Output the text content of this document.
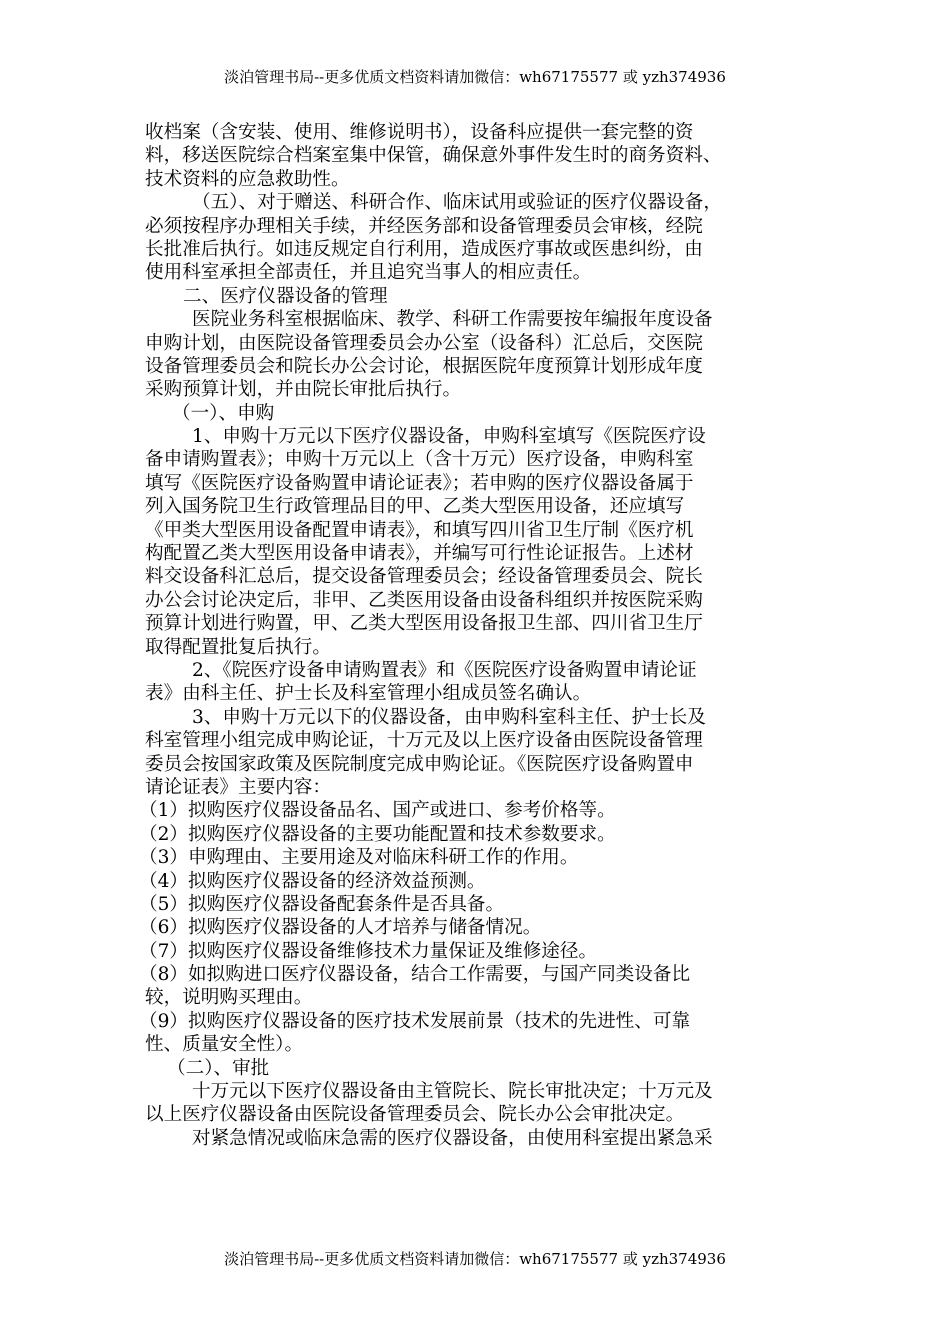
淡泊管理书局--更多优质文档资料请加微信：wh67175577 或 yzh374936
收档案（含安装、使用、维修说明书），设备科应提供一套完整的资
料，移送医院综合档案室集中保管，确保意外事件发生时的商务资料、
技术资料的应急救助性。
（五）、对于赠送、科研合作、临床试用或验证的医疗仪器设备，
必须按程序办理相关手续，并经医务部和设备管理委员会审核，经院
长批准后执行。如违反规定自行利用，造成医疗事故或医患纠纷，由
使用科室承担全部责任，并且追究当事人的相应责任。
二、医疗仪器设备的管理
医院业务科室根据临床、教学、科研工作需要按年编报年度设备
申购计划，由医院设备管理委员会办公室（设备科）汇总后，交医院
设备管理委员会和院长办公会讨论，根据医院年度预算计划形成年度
采购预算计划，并由院长审批后执行。
（一）、申购
1、申购十万元以下医疗仪器设备，申购科室填写《医院医疗设
备申请购置表》；申购十万元以上（含十万元）医疗设备，申购科室
填写《医院医疗设备购置申请论证表》；若申购的医疗仪器设备属于
列入国务院卫生行政管理品目的甲、乙类大型医用设备，还应填写
《甲类大型医用设备配置申请表》，和填写四川省卫生厅制《医疗机
构配置乙类大型医用设备申请表》，并编写可行性论证报告。上述材
料交设备科汇总后，提交设备管理委员会；经设备管理委员会、院长
办公会讨论决定后，非甲、乙类医用设备由设备科组织并按医院采购
预算计划进行购置，甲、乙类大型医用设备报卫生部、四川省卫生厅
取得配置批复后执行。
2、《院医疗设备申请购置表》和《医院医疗设备购置申请论证
表》由科主任、护士长及科室管理小组成员签名确认。
3、申购十万元以下的仪器设备，由申购科室科主任、护士长及
科室管理小组完成申购论证，十万元及以上医疗设备由医院设备管理
委员会按国家政策及医院制度完成申购论证。《医院医疗设备购置申
请论证表》主要内容：
（1）拟购医疗仪器设备品名、国产或进口、参考价格等。
（2）拟购医疗仪器设备的主要功能配置和技术参数要求。
（3）申购理由、主要用途及对临床科研工作的作用。
（4）拟购医疗仪器设备的经济效益预测。
（5）拟购医疗仪器设备配套条件是否具备。
（6）拟购医疗仪器设备的人才培养与储备情况。
（7）拟购医疗仪器设备维修技术力量保证及维修途径。
（8）如拟购进口医疗仪器设备，结合工作需要，与国产同类设备比
较，说明购买理由。
（9）拟购医疗仪器设备的医疗技术发展前景（技术的先进性、可靠
性、质量安全性）。
（二）、审批
十万元以下医疗仪器设备由主管院长、院长审批决定；十万元及
以上医疗仪器设备由医院设备管理委员会、院长办公会审批决定。
对紧急情况或临床急需的医疗仪器设备，由使用科室提出紧急采
淡泊管理书局--更多优质文档资料请加微信：wh67175577 或 yzh374936
